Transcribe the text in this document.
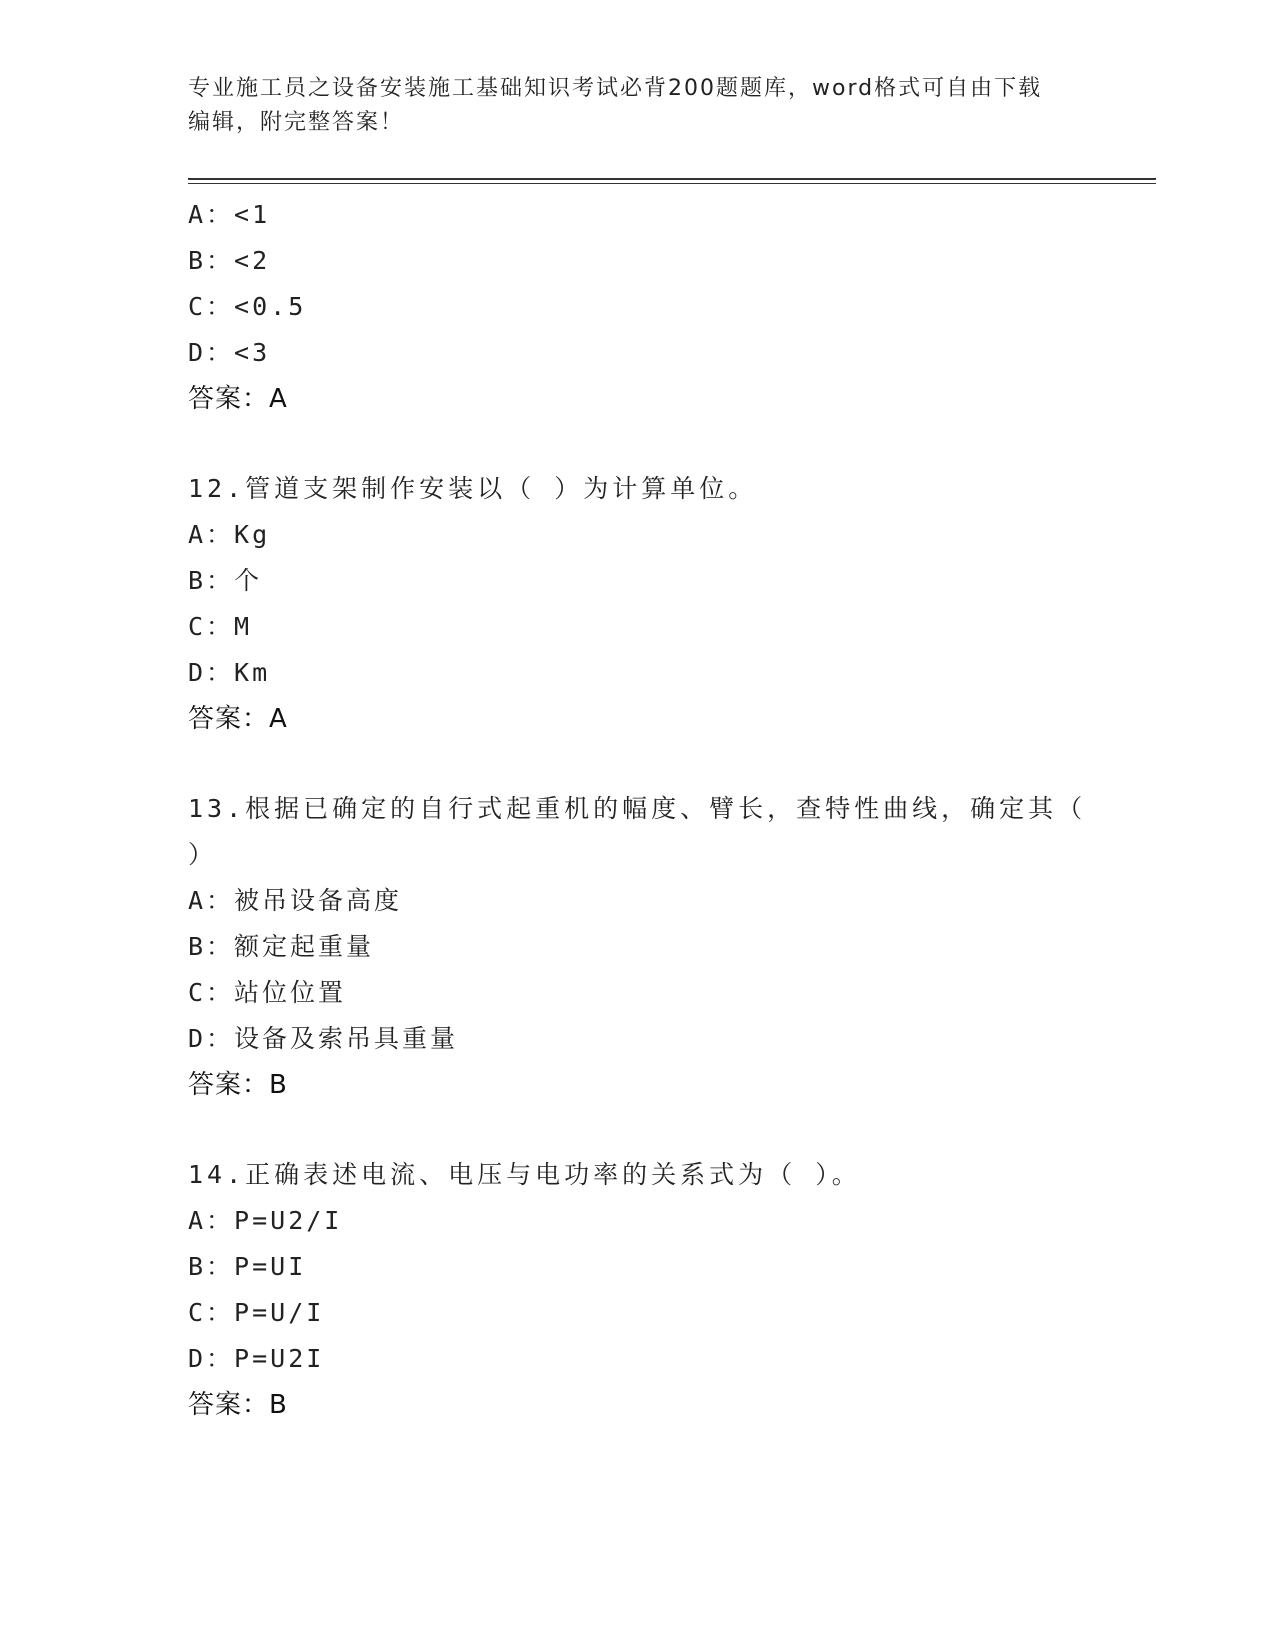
专业施工员之设备安装施工基础知识考试必背200题题库，word格式可自由下载
编辑，附完整答案！
A：<1
B：<2
C：<0.5
D：<3
答案：A
12.管道支架制作安装以（ ）为计算单位。
A：Kg
B：个
C：M
D：Km
答案：A
13.根据已确定的自行式起重机的幅度、臂长，查特性曲线，确定其（
）
A：被吊设备高度
B：额定起重量
C：站位位置
D：设备及索吊具重量
答案：B
14.正确表述电流、电压与电功率的关系式为（ ）。
A：P=U2/I
B：P=UI
C：P=U/I
D：P=U2I
答案：B
